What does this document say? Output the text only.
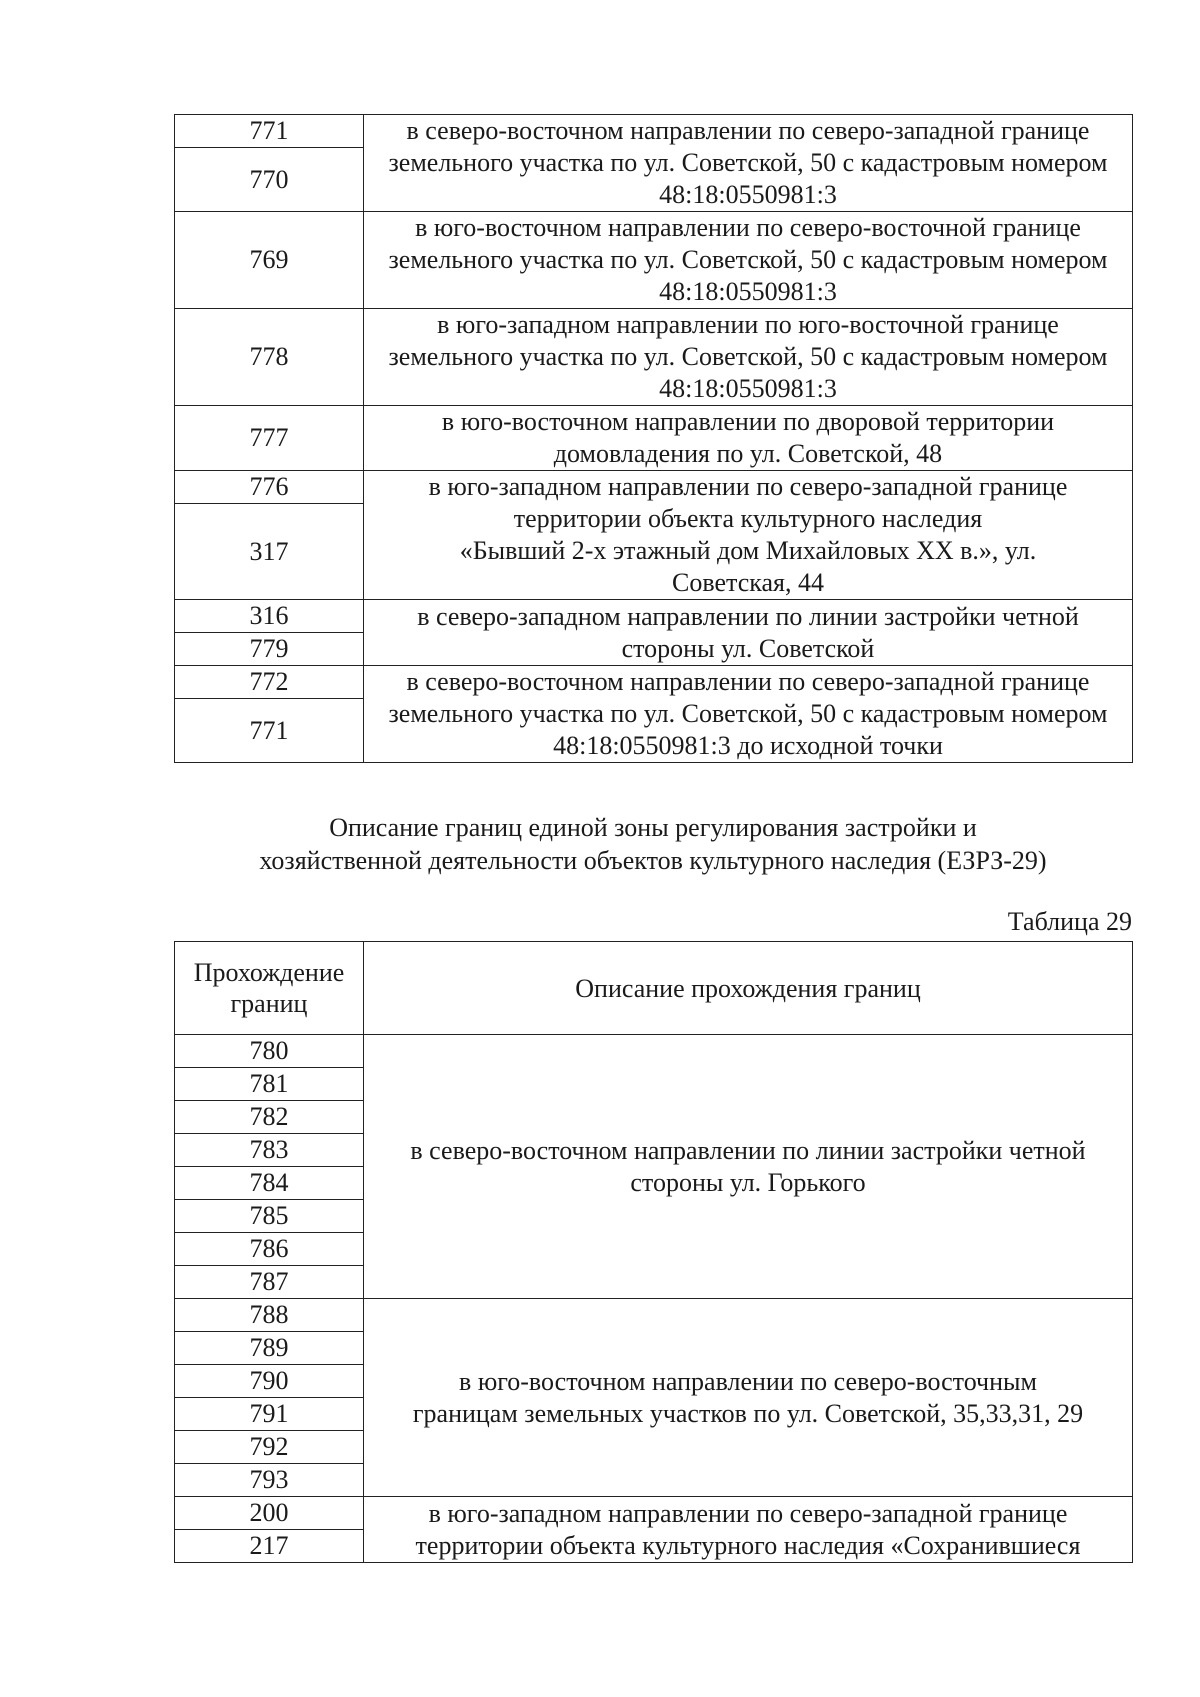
771	в северо-восточном направлении по северо-западной границе земельного участка по ул. Советской, 50 с кадастровым номером 48:18:0550981:3
770	
769	в юго-восточном направлении по северо-восточной границе земельного участка по ул. Советской, 50 с кадастровым номером 48:18:0550981:3
778	в юго-западном направлении по юго-восточной границе земельного участка по ул. Советской, 50 с кадастровым номером 48:18:0550981:3
777	в юго-восточном направлении по дворовой территории домовладения по ул. Советской, 48
776	в юго-западном направлении по северо-западной границе
территории объекта культурного наследия
«Бывший 2-х этажный дом Михайловых XX в.», ул.
Советская, 44

317	
316	в северо-западном направлении по линии застройки четной стороны ул. Советской
779	
772	в северо-восточном направлении по северо-западной границе земельного участка по ул. Советской, 50 с кадастровым номером 48:18:0550981:3 до исходной точки
771	
Описание границ единой зоны регулирования застройки и
хозяйственной деятельности объектов культурного наследия (ЕЗРЗ-29)
Таблица 29
Прохождение
границ	Описание прохождения границ
780	в северо-восточном направлении по линии застройки четной
стороны ул. Горького

781	
782	
783	
784	
785	
786	
787	
788	в юго-восточном направлении по северо-восточным
границам земельных участков по ул. Советской, 35,33,31, 29

789	
790	
791	
792	
793	
200	в юго-западном направлении по северо-западной границе
территории объекта культурного наследия «Сохранившиеся

217	
